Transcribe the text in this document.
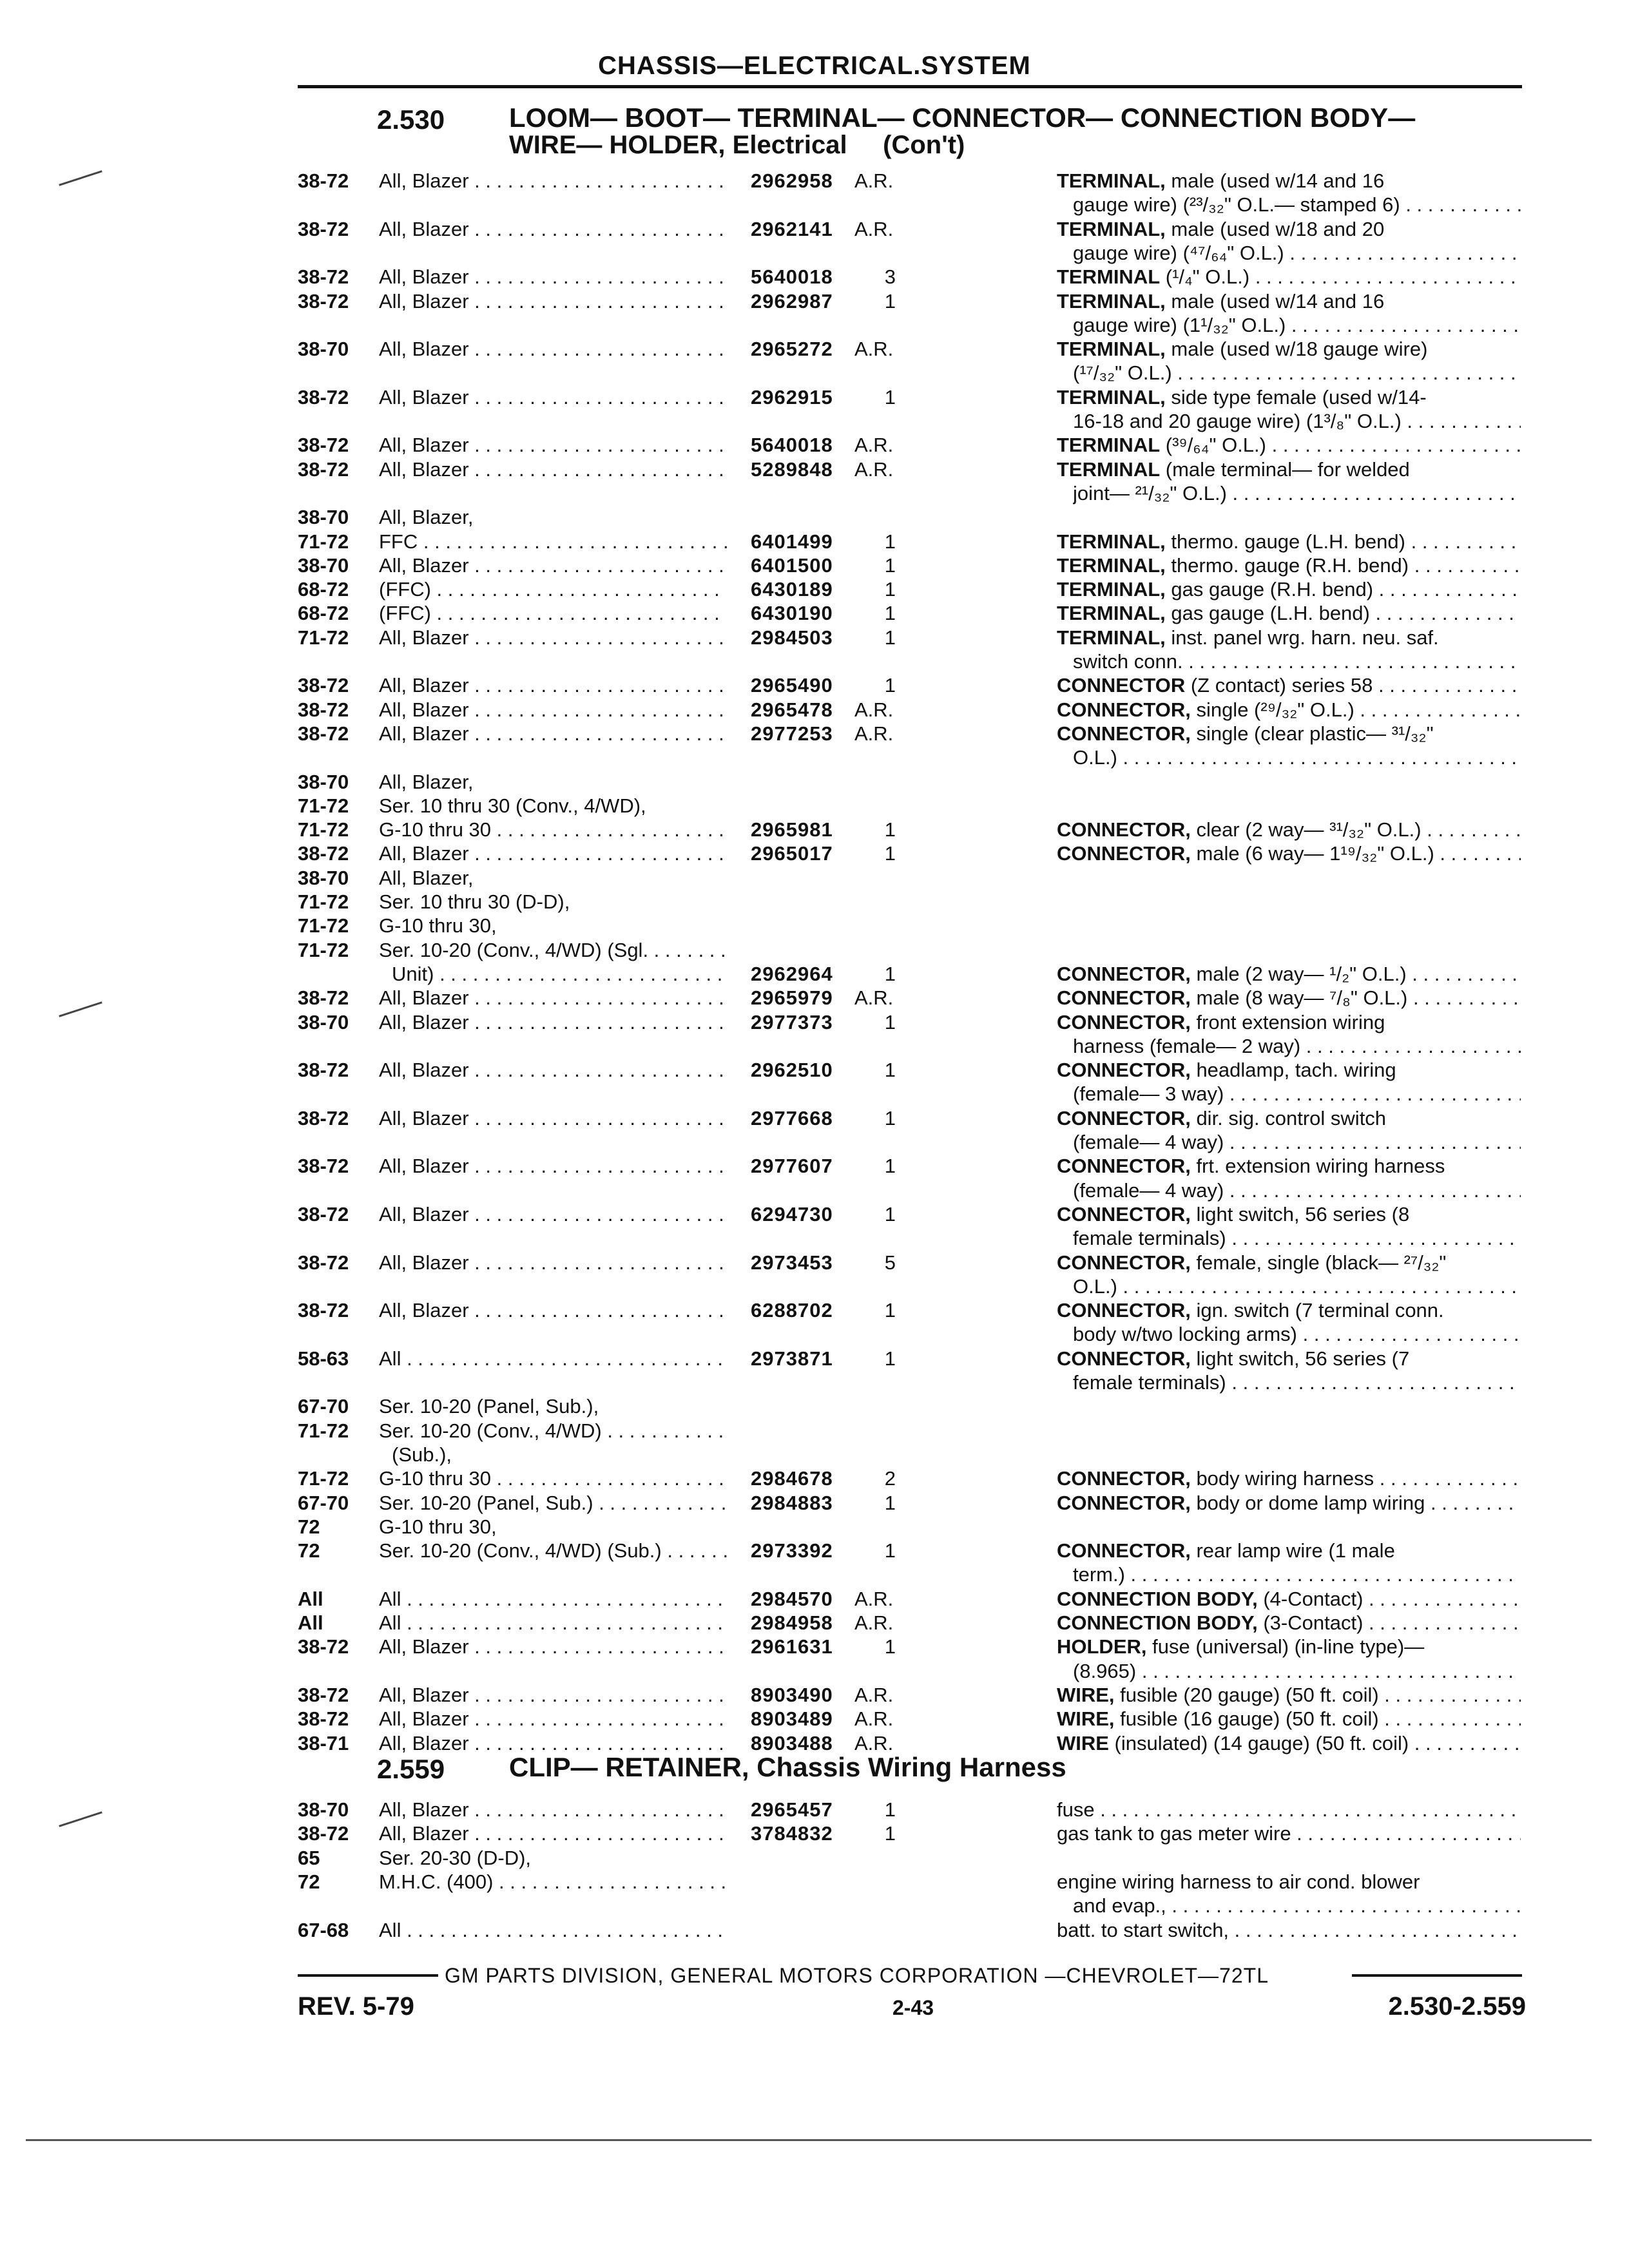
CHASSIS—ELECTRICAL.SYSTEM
2.530 LOOM— BOOT— TERMINAL— CONNECTOR— CONNECTION BODY—
WIRE— HOLDER, Electrical     (Con't)
38-72 All, Blazer . . .	2962958 A.R.	TERMINAL, male (used w/14 and 16
gauge wire) (²³/₃₂" O.L.— stamped 6) . . .
38-72 All, Blazer . . .	2962141 A.R.	TERMINAL, male (used w/18 and 20
gauge wire) (⁴⁷/₆₄" O.L.) . . .
38-72 All, Blazer . . .	5640018	3	TERMINAL (¹/₄" O.L.) . . .
38-72 All, Blazer . . .	2962987	1	TERMINAL, male (used w/14 and 16
gauge wire) (1¹/₃₂" O.L.) . . .
38-70 All, Blazer . . .	2965272 A.R.	TERMINAL, male (used w/18 gauge wire)
(¹⁷/₃₂" O.L.) . . .
38-72 All, Blazer . . .	2962915	1	TERMINAL, side type female (used w/14-
16-18 and 20 gauge wire) (1³/₈" O.L.) . . .
38-72 All, Blazer . . .	5640018 A.R.	TERMINAL (³⁹/₆₄" O.L.) . . .
38-72 All, Blazer . . .	5289848 A.R.	TERMINAL (male terminal— for welded
joint— ²¹/₃₂" O.L.) . . .
38-70 All, Blazer,
71-72 FFC . . .	6401499	1	TERMINAL, thermo. gauge (L.H. bend) . . .
38-70 All, Blazer . . .	6401500	1	TERMINAL, thermo. gauge (R.H. bend) . . .
68-72 (FFC) . . .	6430189	1	TERMINAL, gas gauge (R.H. bend) . . .
68-72 (FFC) . . .	6430190	1	TERMINAL, gas gauge (L.H. bend) . . .
71-72 All, Blazer . . .	2984503	1	TERMINAL, inst. panel wrg. harn. neu. saf.
switch conn. . . .
38-72 All, Blazer . . .	2965490	1	CONNECTOR (Z contact) series 58 . . .
38-72 All, Blazer . . .	2965478 A.R.	CONNECTOR, single (²⁹/₃₂" O.L.) . . .
38-72 All, Blazer . . .	2977253 A.R.	CONNECTOR, single (clear plastic— ³¹/₃₂"
O.L.) . . .
38-70 All, Blazer,
71-72 Ser. 10 thru 30 (Conv., 4/WD),
71-72 G-10 thru 30 . . .	2965981	1	CONNECTOR, clear (2 way— ³¹/₃₂" O.L.) . . .
38-72 All, Blazer . . .	2965017	1	CONNECTOR, male (6 way— 1¹⁹/₃₂" O.L.) . . .
38-70 All, Blazer,
71-72 Ser. 10 thru 30 (D-D),
71-72 G-10 thru 30,
71-72 Ser. 10-20 (Conv., 4/WD) (Sgl. . . .
Unit) . . .	2962964	1	CONNECTOR, male (2 way— ¹/₂" O.L.) . . .
38-72 All, Blazer . . .	2965979 A.R.	CONNECTOR, male (8 way— ⁷/₈" O.L.) . . .
38-70 All, Blazer . . .	2977373	1	CONNECTOR, front extension wiring
harness (female— 2 way) . . .
38-72 All, Blazer . . .	2962510	1	CONNECTOR, headlamp, tach. wiring
(female— 3 way) . . .
38-72 All, Blazer . . .	2977668	1	CONNECTOR, dir. sig. control switch
(female— 4 way) . . .
38-72 All, Blazer . . .	2977607	1	CONNECTOR, frt. extension wiring harness
(female— 4 way) . . .
38-72 All, Blazer . . .	6294730	1	CONNECTOR, light switch, 56 series (8
female terminals) . . .
38-72 All, Blazer . . .	2973453	5	CONNECTOR, female, single (black— ²⁷/₃₂"
O.L.) . . .
38-72 All, Blazer . . .	6288702	1	CONNECTOR, ign. switch (7 terminal conn.
body w/two locking arms) . . .
58-63 All . . .	2973871	1	CONNECTOR, light switch, 56 series (7
female terminals) . . .
67-70 Ser. 10-20 (Panel, Sub.),
71-72 Ser. 10-20 (Conv., 4/WD) . . .
(Sub.),
71-72 G-10 thru 30 . . .	2984678	2	CONNECTOR, body wiring harness . . .
67-70 Ser. 10-20 (Panel, Sub.) . . .	2984883	1	CONNECTOR, body or dome lamp wiring . . .
72	G-10 thru 30,
72	Ser. 10-20 (Conv., 4/WD) (Sub.) . . .	2973392	1	CONNECTOR, rear lamp wire (1 male
term.) . . .
All	All . . .	2984570 A.R.	CONNECTION BODY, (4-Contact) . . .
All	All . . .	2984958 A.R.	CONNECTION BODY, (3-Contact) . . .
38-72 All, Blazer . . .	2961631	1	HOLDER, fuse (universal) (in-line type)—
(8.965) . . .
38-72 All, Blazer . . .	8903490 A.R.	WIRE, fusible (20 gauge) (50 ft. coil) . . .
38-72 All, Blazer . . .	8903489 A.R.	WIRE, fusible (16 gauge) (50 ft. coil) . . .
38-71 All, Blazer . . .	8903488 A.R.	WIRE (insulated) (14 gauge) (50 ft. coil) . . .
2.559 CLIP— RETAINER, Chassis Wiring Harness
38-70 All, Blazer . . .	2965457	1	fuse . . .
38-72 All, Blazer . . .	3784832	1	gas tank to gas meter wire . . .
65	Ser. 20-30 (D-D),
72	M.H.C. (400) . . .	engine wiring harness to air cond. blower
and evap., . . .
67-68 All . . .	batt. to start switch, . . .
GM PARTS DIVISION, GENERAL MOTORS CORPORATION —CHEVROLET—72TL
REV. 5-79	2-43	2.530-2.559
